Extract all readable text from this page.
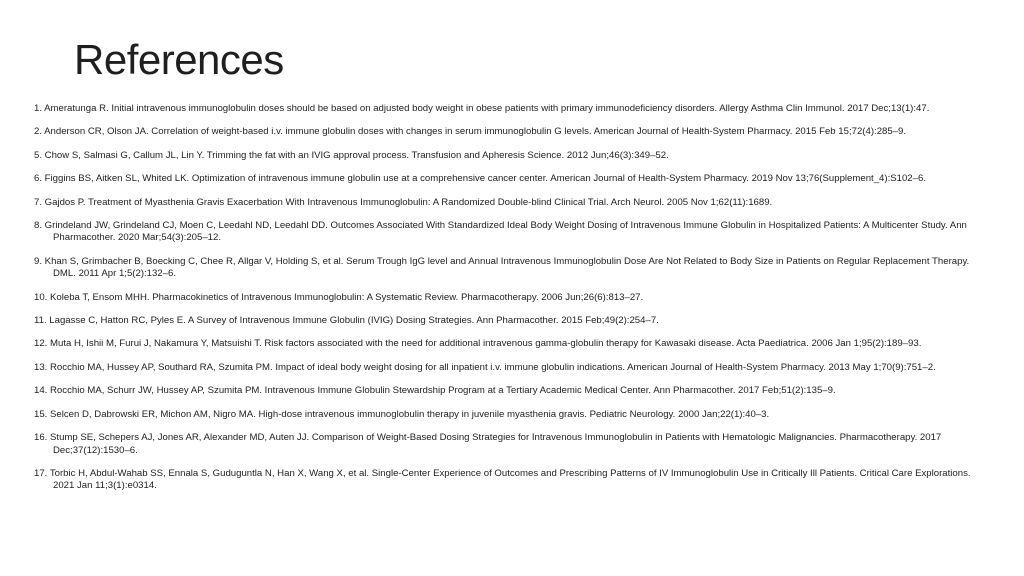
References
1. Ameratunga R. Initial intravenous immunoglobulin doses should be based on adjusted body weight in obese patients with primary immunodeficiency disorders. Allergy Asthma Clin Immunol. 2017 Dec;13(1):47.
2. Anderson CR, Olson JA. Correlation of weight-based i.v. immune globulin doses with changes in serum immunoglobulin G levels. American Journal of Health-System Pharmacy. 2015 Feb 15;72(4):285–9.
5. Chow S, Salmasi G, Callum JL, Lin Y. Trimming the fat with an IVIG approval process. Transfusion and Apheresis Science. 2012 Jun;46(3):349–52.
6. Figgins BS, Aitken SL, Whited LK. Optimization of intravenous immune globulin use at a comprehensive cancer center. American Journal of Health-System Pharmacy. 2019 Nov 13;76(Supplement_4):S102–6.
7. Gajdos P. Treatment of Myasthenia Gravis Exacerbation With Intravenous Immunoglobulin: A Randomized Double-blind Clinical Trial. Arch Neurol. 2005 Nov 1;62(11):1689.
8. Grindeland JW, Grindeland CJ, Moen C, Leedahl ND, Leedahl DD. Outcomes Associated With Standardized Ideal Body Weight Dosing of Intravenous Immune Globulin in Hospitalized Patients: A Multicenter Study. Ann Pharmacother. 2020 Mar;54(3):205–12.
9. Khan S, Grimbacher B, Boecking C, Chee R, Allgar V, Holding S, et al. Serum Trough IgG level and Annual Intravenous Immunoglobulin Dose Are Not Related to Body Size in Patients on Regular Replacement Therapy. DML. 2011 Apr 1;5(2):132–6.
10. Koleba T, Ensom MHH. Pharmacokinetics of Intravenous Immunoglobulin: A Systematic Review. Pharmacotherapy. 2006 Jun;26(6):813–27.
11. Lagasse C, Hatton RC, Pyles E. A Survey of Intravenous Immune Globulin (IVIG) Dosing Strategies. Ann Pharmacother. 2015 Feb;49(2):254–7.
12. Muta H, Ishii M, Furui J, Nakamura Y, Matsuishi T. Risk factors associated with the need for additional intravenous gamma-globulin therapy for Kawasaki disease. Acta Paediatrica. 2006 Jan 1;95(2):189–93.
13. Rocchio MA, Hussey AP, Southard RA, Szumita PM. Impact of ideal body weight dosing for all inpatient i.v. immune globulin indications. American Journal of Health-System Pharmacy. 2013 May 1;70(9):751–2.
14. Rocchio MA, Schurr JW, Hussey AP, Szumita PM. Intravenous Immune Globulin Stewardship Program at a Tertiary Academic Medical Center. Ann Pharmacother. 2017 Feb;51(2):135–9.
15. Selcen D, Dabrowski ER, Michon AM, Nigro MA. High-dose intravenous immunoglobulin therapy in juvenile myasthenia gravis. Pediatric Neurology. 2000 Jan;22(1):40–3.
16. Stump SE, Schepers AJ, Jones AR, Alexander MD, Auten JJ. Comparison of Weight-Based Dosing Strategies for Intravenous Immunoglobulin in Patients with Hematologic Malignancies. Pharmacotherapy. 2017 Dec;37(12):1530–6.
17. Torbic H, Abdul-Wahab SS, Ennala S, Guduguntla N, Han X, Wang X, et al. Single-Center Experience of Outcomes and Prescribing Patterns of IV Immunoglobulin Use in Critically Ill Patients. Critical Care Explorations. 2021 Jan 11;3(1):e0314.
